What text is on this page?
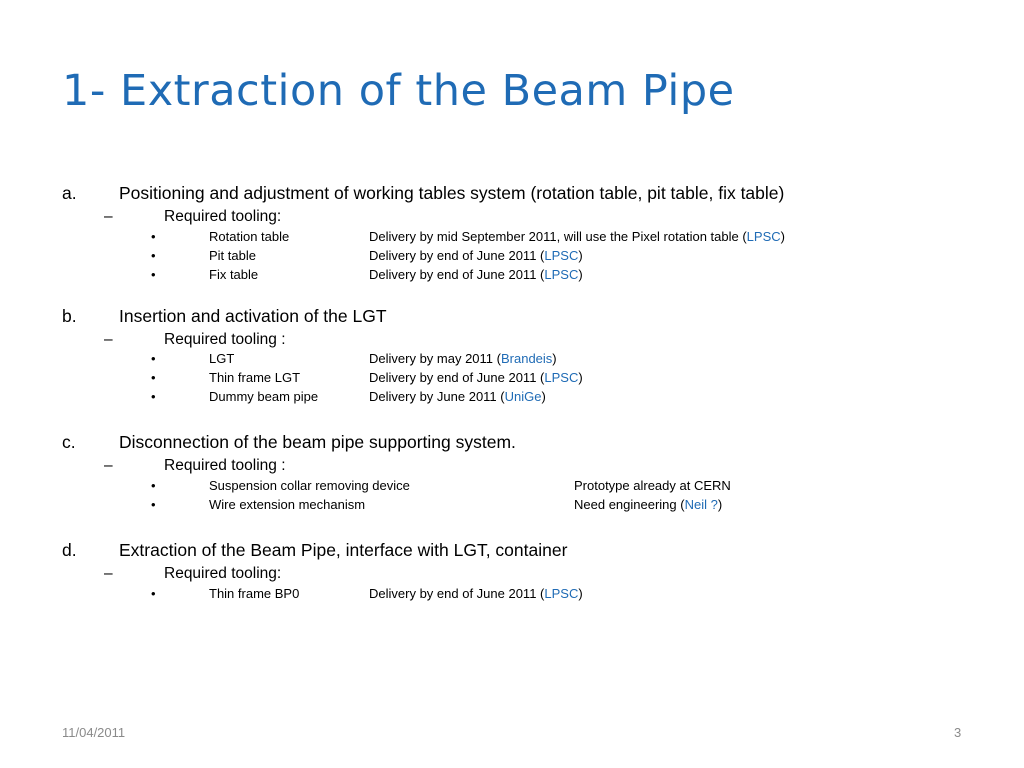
1- Extraction of the Beam Pipe
a. Positioning and adjustment of working tables system (rotation table, pit table, fix table)
–	Required tooling:
•	Rotation table	Delivery by mid September 2011, will use the Pixel rotation table (LPSC)
•	Pit table	Delivery by end of June 2011 (LPSC)
•	Fix table	Delivery by end of June 2011 (LPSC)
b. Insertion and activation of the LGT
–	Required tooling :
•	LGT	Delivery by may 2011 (Brandeis)
•	Thin frame LGT	Delivery by end of June 2011 (LPSC)
•	Dummy beam pipe	Delivery by June 2011 (UniGe)
c. Disconnection of the beam pipe supporting system.
–	Required tooling :
•	Suspension collar removing device	Prototype already at CERN
•	Wire extension mechanism	Need engineering (Neil ?)
d. Extraction of the Beam Pipe, interface with LGT, container
–	Required tooling:
•	Thin frame BP0	Delivery by end of June 2011 (LPSC)
11/04/2011	3
